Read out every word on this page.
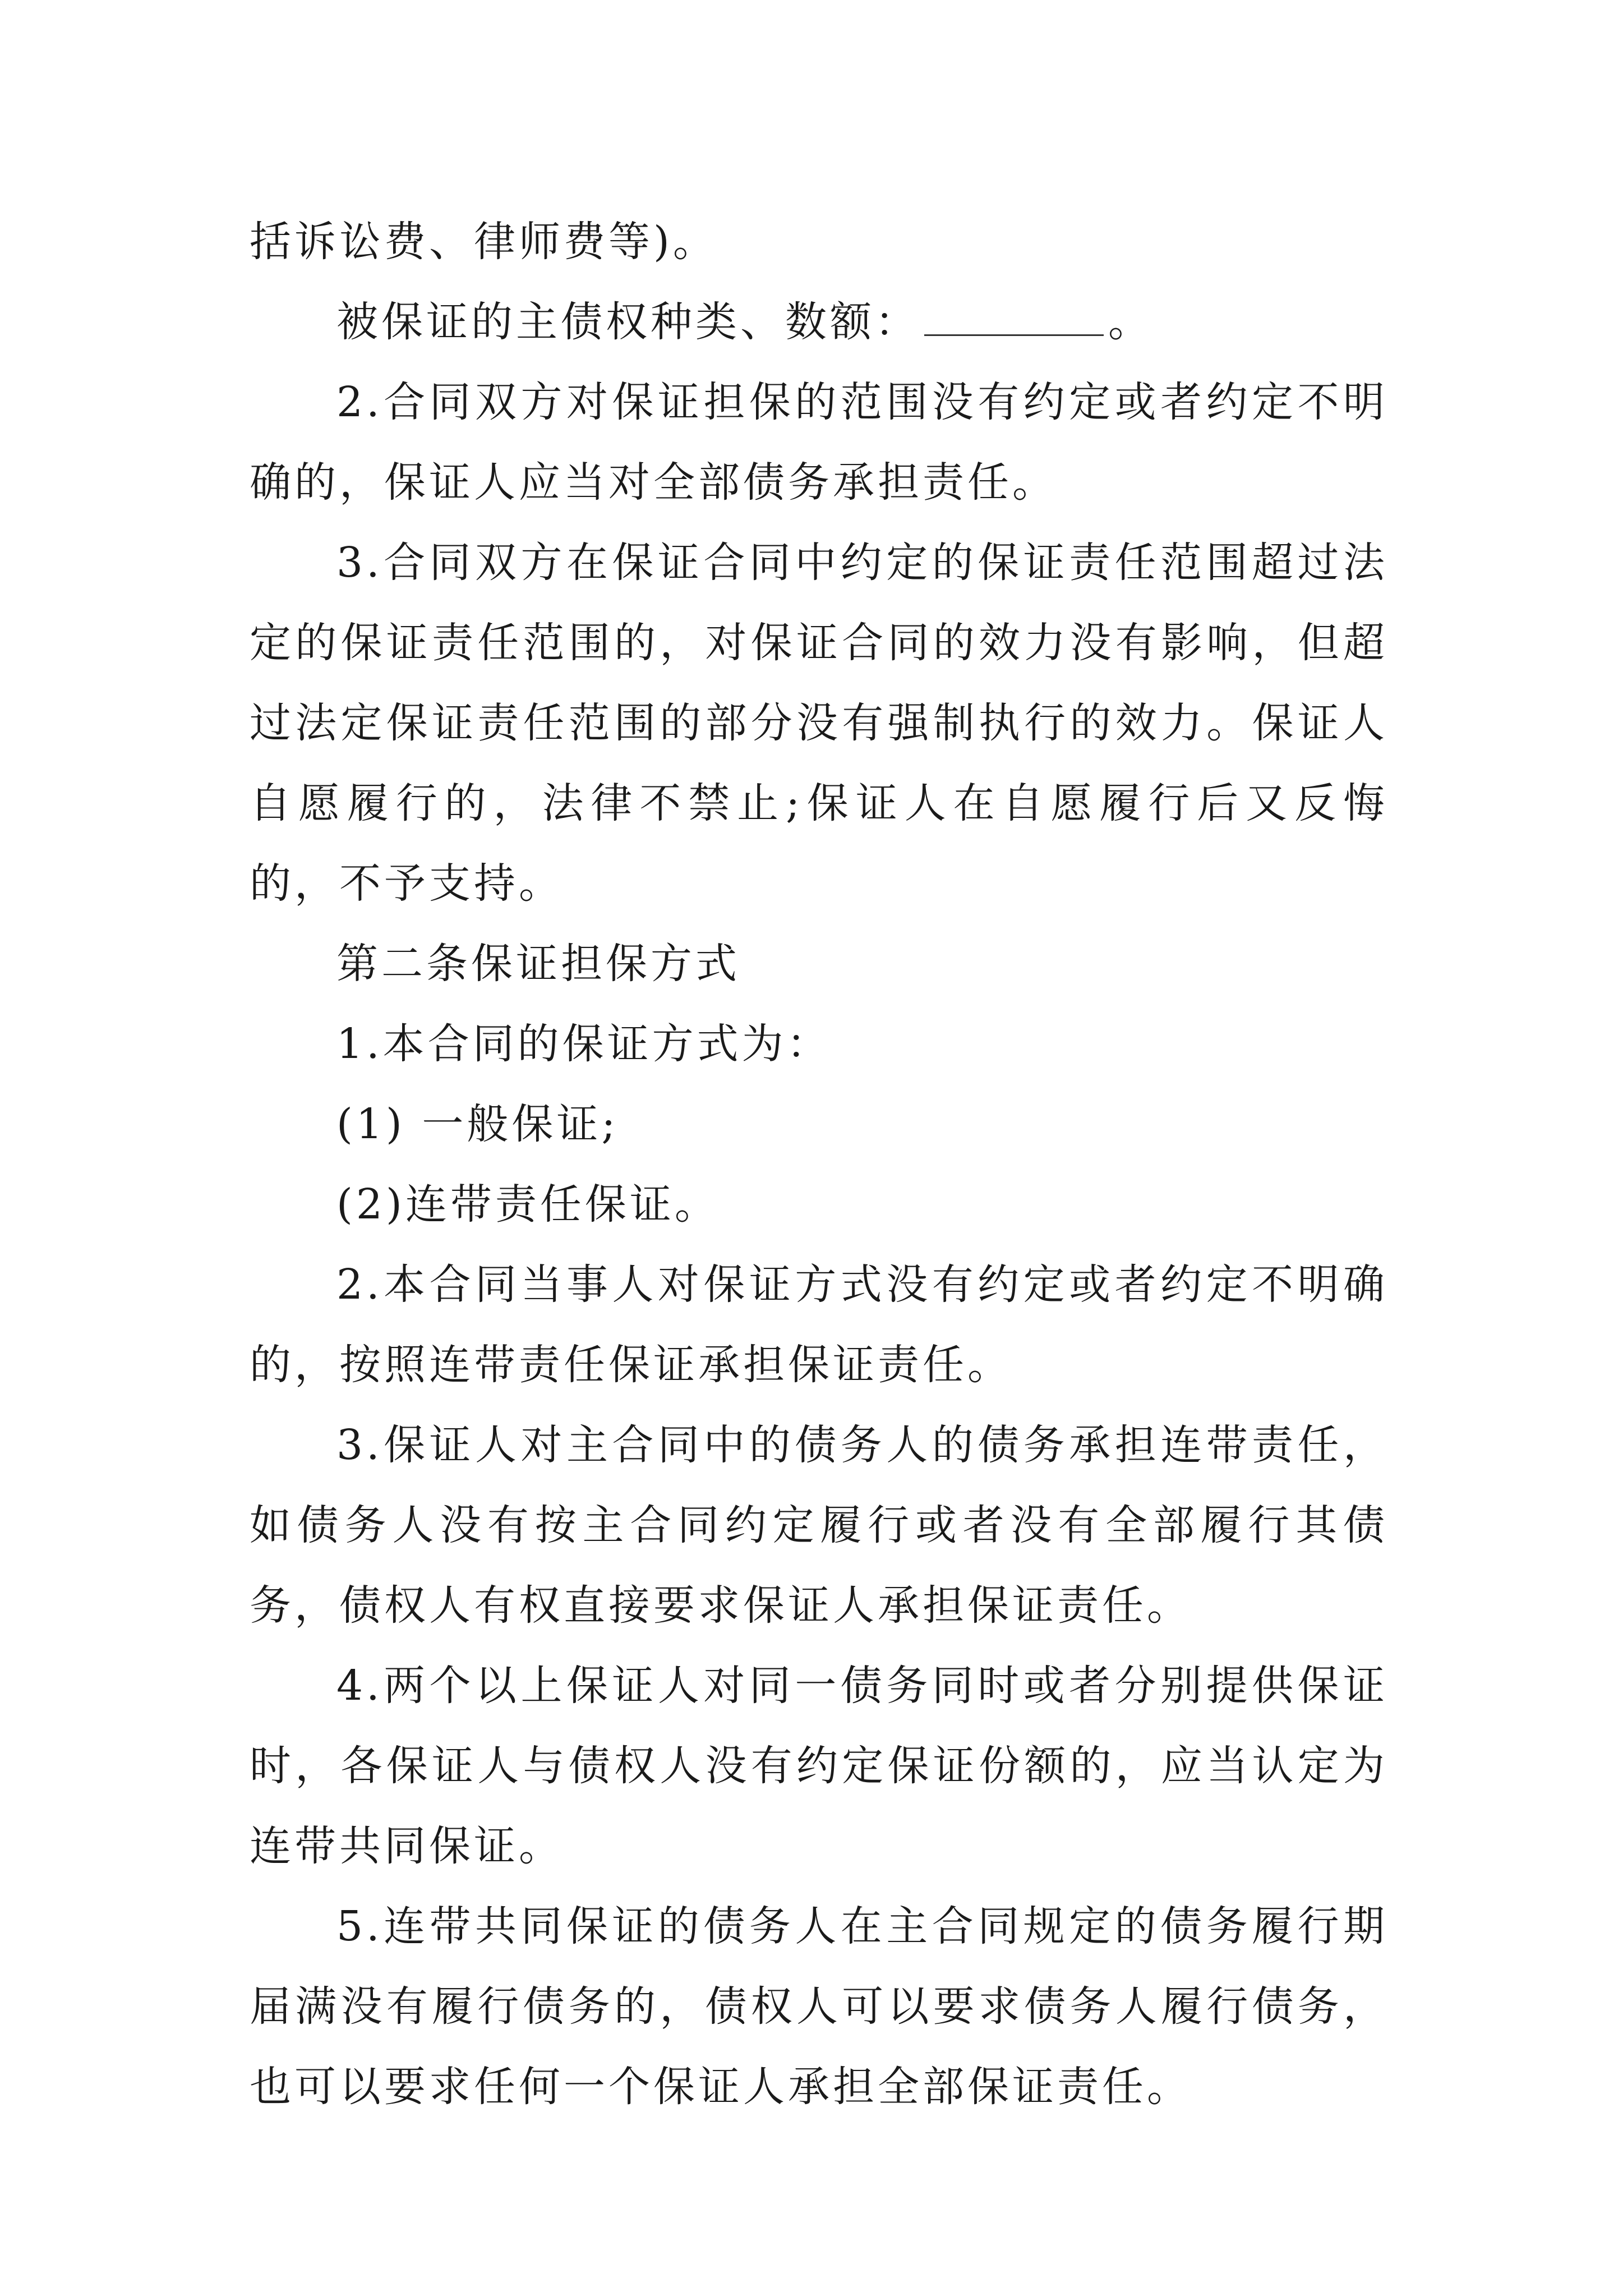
括诉讼费、律师费等)。

被保证的主债权种类、数额：	。

2.合同双方对保证担保的范围没有约定或者约定不明确的，保证人应当对全部债务承担责任。

3.合同双方在保证合同中约定的保证责任范围超过法定的保证责任范围的，对保证合同的效力没有影响，但超过法定保证责任范围的部分没有强制执行的效力。保证人自愿履行的，法律不禁止;保证人在自愿履行后又反悔的，不予支持。

第二条保证担保方式

1.本合同的保证方式为：

(1) 一般保证;

(2)连带责任保证。

2.本合同当事人对保证方式没有约定或者约定不明确的，按照连带责任保证承担保证责任。

3.保证人对主合同中的债务人的债务承担连带责任，如债务人没有按主合同约定履行或者没有全部履行其债务，债权人有权直接要求保证人承担保证责任。

4.两个以上保证人对同一债务同时或者分别提供保证时，各保证人与债权人没有约定保证份额的，应当认定为连带共同保证。

5.连带共同保证的债务人在主合同规定的债务履行期届满没有履行债务的，债权人可以要求债务人履行债务，也可以要求任何一个保证人承担全部保证责任。
